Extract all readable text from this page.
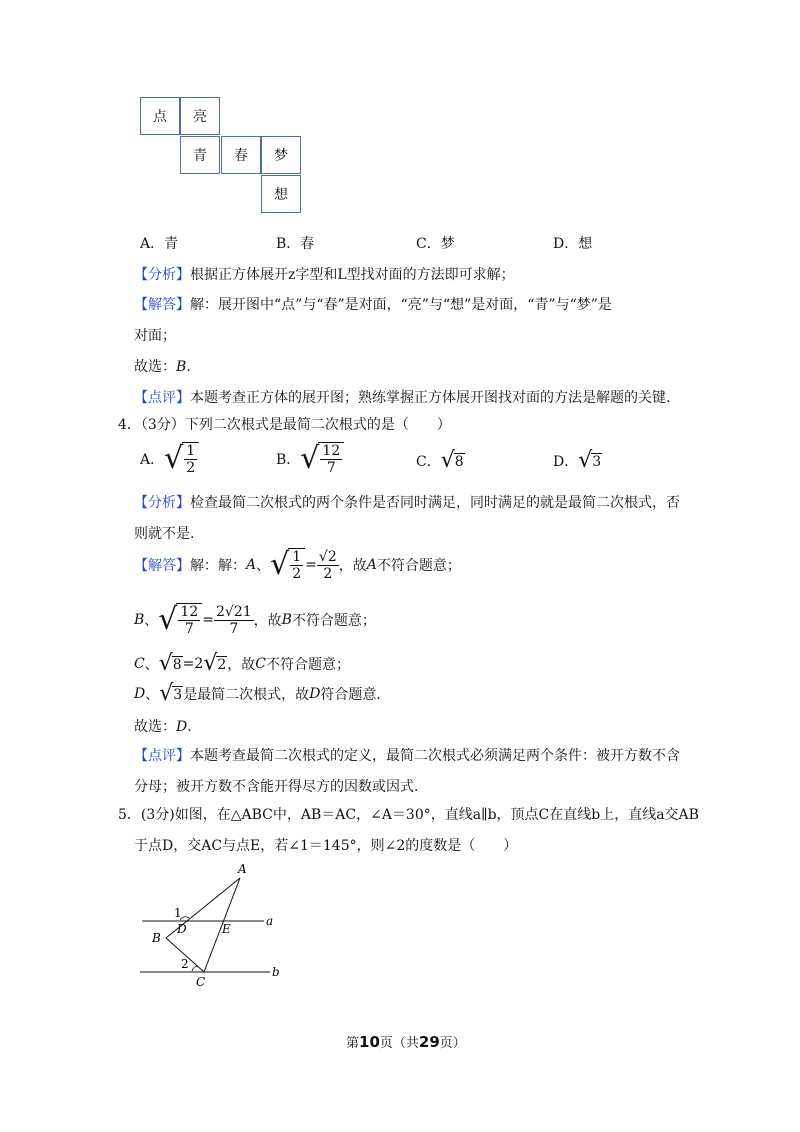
点	亮
青	春	梦
想
A．青	B．春	C．梦	D．想
【分析】根据正方体展开z字型和L型找对面的方法即可求解；
【解答】解：展开图中“点”与“春”是对面，“亮”与“想”是对面，“青”与“梦”是
对面；
故选：B.
【点评】本题考查正方体的展开图；熟练掌握正方体展开图找对面的方法是解题的关键.
4．（3分）下列二次根式是最简二次根式的是（　　）
A． √ $\frac{1}{2}$	B． √ $\frac{12}{7}$	C． √ 8	D． √ 3
【分析】检查最简二次根式的两个条件是否同时满足，同时满足的就是最简二次根式，否
则就不是.
【解答】 解：解： A 、 √ $\frac{1}{2} = \frac{√2}{2}$ ，故 A 不符合题意；
B 、 √ $\frac{12}{7} = \frac{2√21}{7}$ ，故 B 不符合题意；
C 、 √ 8 =2 √ 2 ，故 C 不符合题意；
D 、 √ 3 是最简二次根式，故 D 符合题意.
故选：D.
【点评】本题考查最简二次根式的定义，最简二次根式必须满足两个条件：被开方数不含
分母；被开方数不含能开得尽方的因数或因式.
5．(3分)如图，在△ABC中，AB＝AC，∠A＝30°，直线a∥b，顶点C在直线b上，直线a交AB
于点D，交AC与点E，若∠1＝145°，则∠2的度数是（　　）
A
B
C
D	E
a
b
1
2
第10页（共29页）
